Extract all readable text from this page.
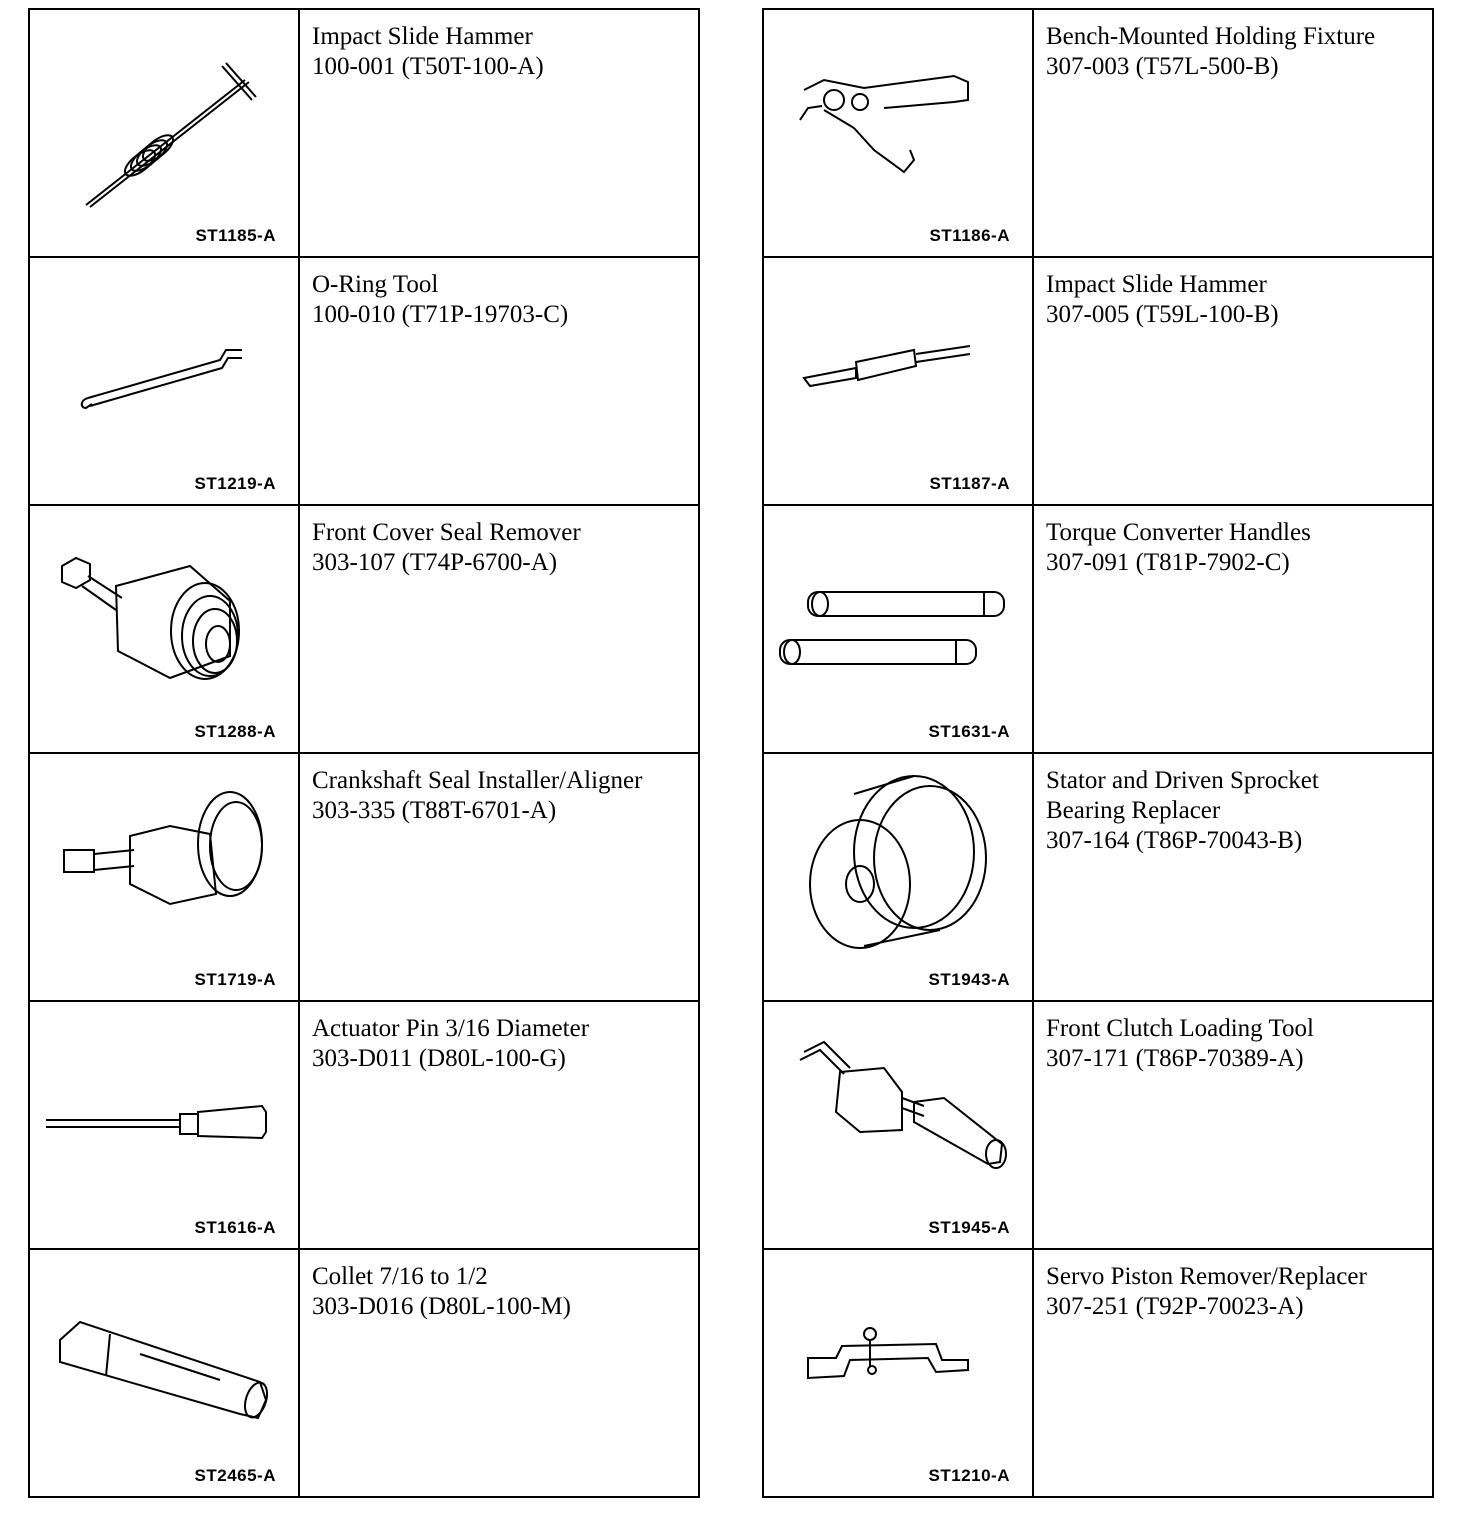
ST1185-A	Impact Slide Hammer
100-001 (T50T-100-A)

ST1219-A	O-Ring Tool
100-010 (T71P-19703-C)

ST1288-A	Front Cover Seal Remover
303-107 (T74P-6700-A)

ST1719-A	Crankshaft Seal Installer/Aligner
303-335 (T88T-6701-A)

ST1616-A	Actuator Pin 3/16 Diameter
303-D011 (D80L-100-G)

ST2465-A	Collet 7/16 to 1/2
303-D016 (D80L-100-M)
ST1186-A	Bench-Mounted Holding Fixture
307-003 (T57L-500-B)

ST1187-A	Impact Slide Hammer
307-005 (T59L-100-B)

ST1631-A	Torque Converter Handles
307-091 (T81P-7902-C)

ST1943-A	Stator and Driven Sprocket
Bearing Replacer
307-164 (T86P-70043-B)

ST1945-A	Front Clutch Loading Tool
307-171 (T86P-70389-A)

ST1210-A	Servo Piston Remover/Replacer
307-251 (T92P-70023-A)
